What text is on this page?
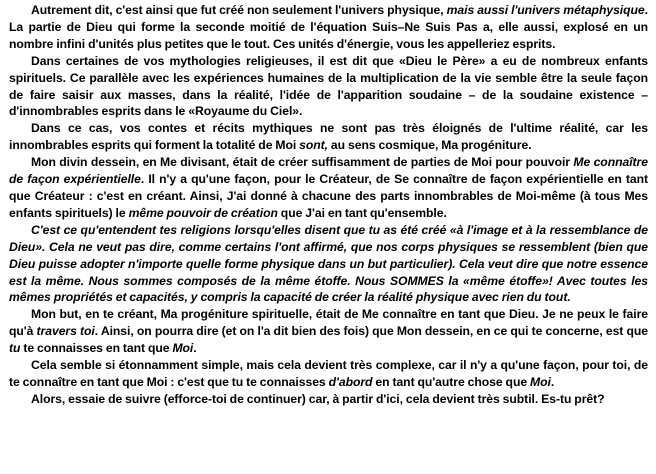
Autrement dit, c'est ainsi que fut créé non seulement l'univers physique, mais aussi l'univers métaphysique. La partie de Dieu qui forme la seconde moitié de l'équation Suis–Ne Suis Pas a, elle aussi, explosé en un nombre infini d'unités plus petites que le tout. Ces unités d'énergie, vous les appelleriez esprits.

Dans certaines de vos mythologies religieuses, il est dit que «Dieu le Père» a eu de nombreux enfants spirituels. Ce parallèle avec les expériences humaines de la multiplication de la vie semble être la seule façon de faire saisir aux masses, dans la réalité, l'idée de l'apparition soudaine – de la soudaine existence – d'innombrables esprits dans le «Royaume du Ciel».

Dans ce cas, vos contes et récits mythiques ne sont pas très éloignés de l'ultime réalité, car les innombrables esprits qui forment la totalité de Moi sont, au sens cosmique, Ma progéniture.

Mon divin dessein, en Me divisant, était de créer suffisamment de parties de Moi pour pouvoir Me connaître de façon expérientielle. Il n'y a qu'une façon, pour le Créateur, de Se connaître de façon expérientielle en tant que Créateur : c'est en créant. Ainsi, J'ai donné à chacune des parts innombrables de Moi-même (à tous Mes enfants spirituels) le même pouvoir de création que J'ai en tant qu'ensemble.

C'est ce qu'entendent tes religions lorsqu'elles disent que tu as été créé «à l'image et à la ressemblance de Dieu». Cela ne veut pas dire, comme certains l'ont affirmé, que nos corps physiques se ressemblent (bien que Dieu puisse adopter n'importe quelle forme physique dans un but particulier). Cela veut dire que notre essence est la même. Nous sommes composés de la même étoffe. Nous SOMMES la «même étoffe»! Avec toutes les mêmes propriétés et capacités, y compris la capacité de créer la réalité physique avec rien du tout.

Mon but, en te créant, Ma progéniture spirituelle, était de Me connaître en tant que Dieu. Je ne peux le faire qu'à travers toi. Ainsi, on pourra dire (et on l'a dit bien des fois) que Mon dessein, en ce qui te concerne, est que tu te connaisses en tant que Moi.

Cela semble si étonnamment simple, mais cela devient très complexe, car il n'y a qu'une façon, pour toi, de te connaître en tant que Moi : c'est que tu te connaisses d'abord en tant qu'autre chose que Moi.

Alors, essaie de suivre (efforce-toi de continuer) car, à partir d'ici, cela devient très subtil. Es-tu prêt?
